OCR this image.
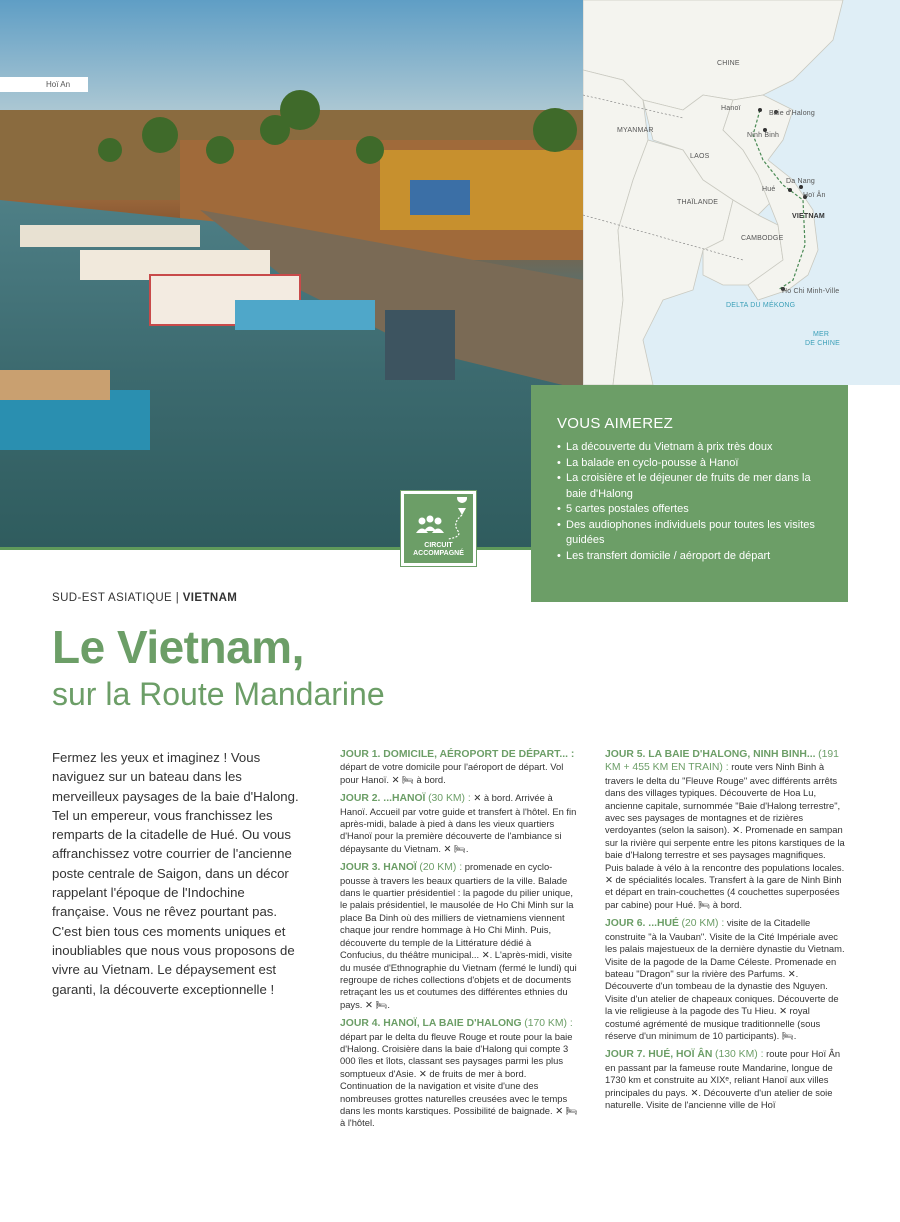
Hoï An
CHINE
MYANMAR
LAOS
THAÏLANDE
VIETNAM
CAMBODGE
Hanoï
Baie d'Halong
Ninh Binh
Da Nang
Hué
Hoï Ân
Ho Chi Minh-Ville
DELTA DU MÉKONG
MER
DE CHINE
VOUS AIMEREZ
• La découverte du Vietnam à prix très doux
• La balade en cyclo-pousse à Hanoï
• La croisière et le déjeuner de fruits de mer dans la baie d'Halong
• 5 cartes postales offertes
• Des audiophones individuels pour toutes les visites guidées
• Les transfert domicile / aéroport de départ
CIRCUIT
ACCOMPAGNÉ
SUD-EST ASIATIQUE | VIETNAM
Le Vietnam,
sur la Route Mandarine
Fermez les yeux et imaginez ! Vous naviguez sur un bateau dans les merveilleux paysages de la baie d'Halong. Tel un empereur, vous franchissez les remparts de la citadelle de Hué. Ou vous affranchissez votre courrier de l'ancienne poste centrale de Saigon, dans un décor rappelant l'époque de l'Indochine française. Vous ne rêvez pourtant pas. C'est bien tous ces moments uniques et inoubliables que nous vous proposons de vivre au Vietnam. Le dépaysement est garanti, la découverte exceptionnelle !

JOUR 1. DOMICILE, AÉROPORT DE DÉPART... : départ de votre domicile pour l'aéroport de départ. Vol pour Hanoï. ✕ 🛏 à bord.

JOUR 2. ...HANOÏ (30 KM) : ✕ à bord. Arrivée à Hanoï. Accueil par votre guide et transfert à l'hôtel. En fin après-midi, balade à pied à dans les vieux quartiers d'Hanoï pour la première découverte de l'ambiance si dépaysante du Vietnam. ✕ 🛏.

JOUR 3. HANOÏ (20 KM) : promenade en cyclo-pousse à travers les beaux quartiers de la ville. Balade dans le quartier présidentiel : la pagode du pilier unique, le palais présidentiel, le mausolée de Ho Chi Minh sur la place Ba Dinh où des milliers de vietnamiens viennent chaque jour rendre hommage à Ho Chi Minh. Puis, découverte du temple de la Littérature dédié à Confucius, du théâtre municipal... ✕. L'après-midi, visite du musée d'Ethnographie du Vietnam (fermé le lundi) qui regroupe de riches collections d'objets et de documents retraçant les us et coutumes des différentes ethnies du pays. ✕ 🛏.

JOUR 4. HANOÏ, LA BAIE D'HALONG (170 KM) : départ par le delta du fleuve Rouge et route pour la baie d'Halong. Croisière dans la baie d'Halong qui compte 3 000 îles et îlots, classant ses paysages parmi les plus somptueux d'Asie. ✕ de fruits de mer à bord. Continuation de la navigation et visite d'une des nombreuses grottes naturelles creusées avec le temps dans les monts karstiques. Possibilité de baignade. ✕ 🛏 à l'hôtel.

JOUR 5. LA BAIE D'HALONG, NINH BINH... (191 KM + 455 KM EN TRAIN) : route vers Ninh Binh à travers le delta du "Fleuve Rouge" avec différents arrêts dans des villages typiques. Découverte de Hoa Lu, ancienne capitale, surnommée "Baie d'Halong terrestre", avec ses paysages de montagnes et de rizières verdoyantes (selon la saison). ✕. Promenade en sampan sur la rivière qui serpente entre les pitons karstiques de la baie d'Halong terrestre et ses paysages magnifiques. Puis balade à vélo à la rencontre des populations locales. ✕ de spécialités locales. Transfert à la gare de Ninh Binh et départ en train-couchettes (4 couchettes superposées par cabine) pour Hué. 🛏 à bord.

JOUR 6. ...HUÉ (20 KM) : visite de la Citadelle construite "à la Vauban". Visite de la Cité Impériale avec les palais majestueux de la dernière dynastie du Vietnam. Visite de la pagode de la Dame Céleste. Promenade en bateau "Dragon" sur la rivière des Parfums. ✕. Découverte d'un tombeau de la dynastie des Nguyen. Visite d'un atelier de chapeaux coniques. Découverte de la vie religieuse à la pagode des Tu Hieu. ✕ royal costumé agrémenté de musique traditionnelle (sous réserve d'un minimum de 10 participants). 🛏.

JOUR 7. HUÉ, HOÏ ÂN (130 KM) : route pour Hoï Ân en passant par la fameuse route Mandarine, longue de 1730 km et construite au XIXᵉ, reliant Hanoï aux villes principales du pays. ✕. Découverte d'un atelier de soie naturelle. Visite de l'ancienne ville de Hoï
